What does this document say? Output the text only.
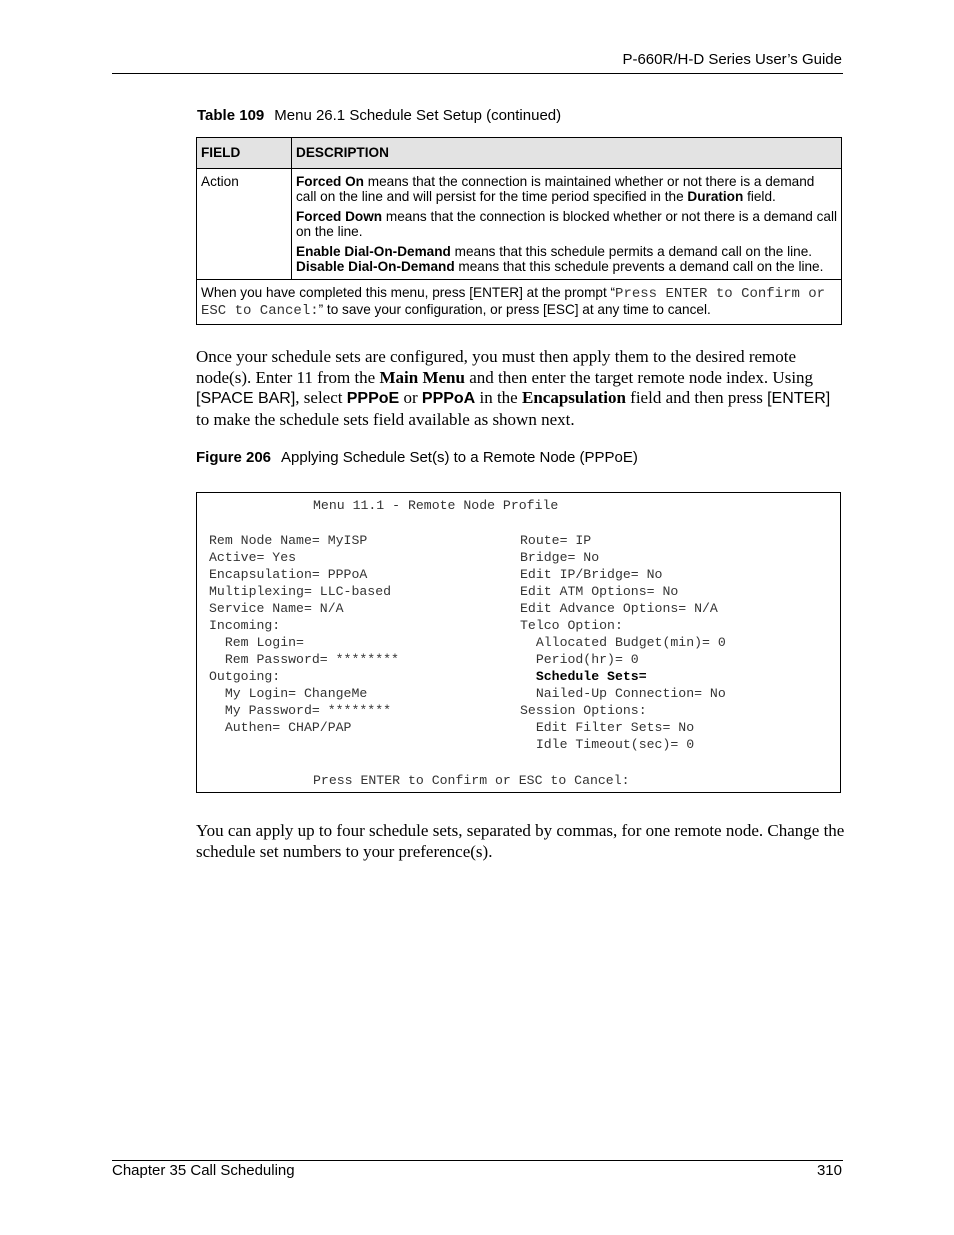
P-660R/H-D Series User’s Guide
Table 109 Menu 26.1 Schedule Set Setup (continued)
FIELD	DESCRIPTION
Action	Forced On means that the connection is maintained whether or not there is a demand call on the line and will persist for the time period specified in the Duration field.

Forced Down means that the connection is blocked whether or not there is a demand call on the line.

Enable Dial-On-Demand means that this schedule permits a demand call on the line.
Disable Dial-On-Demand means that this schedule prevents a demand call on the line.

When you have completed this menu, press [ENTER] at the prompt “Press ENTER to Confirm or ESC to Cancel:” to save your configuration, or press [ESC] at any time to cancel.	
Once your schedule sets are configured, you must then apply them to the desired remote node(s). Enter 11 from the Main Menu and then enter the target remote node index. Using [SPACE BAR], select PPPoE or PPPoA in the Encapsulation field and then press [ENTER] to make the schedule sets field available as shown next.
Figure 206 Applying Schedule Set(s) to a Remote Node (PPPoE)
Menu 11.1 - Remote Node Profile
Rem Node Name= MyISP
Active= Yes
Encapsulation= PPPoA
Multiplexing= LLC-based
Service Name= N/A
Incoming:
Rem Login=
Rem Password= ********
Outgoing:
My Login= ChangeMe
My Password= ********
Authen= CHAP/PAP
Route= IP
Bridge= No
Edit IP/Bridge= No
Edit ATM Options= No
Edit Advance Options= N/A
Telco Option:
Allocated Budget(min)= 0
Period(hr)= 0
Schedule Sets=
Nailed-Up Connection= No
Session Options:
Edit Filter Sets= No
Idle Timeout(sec)= 0
Press ENTER to Confirm or ESC to Cancel:
You can apply up to four schedule sets, separated by commas, for one remote node. Change the schedule set numbers to your preference(s).
Chapter 35 Call Scheduling	310
